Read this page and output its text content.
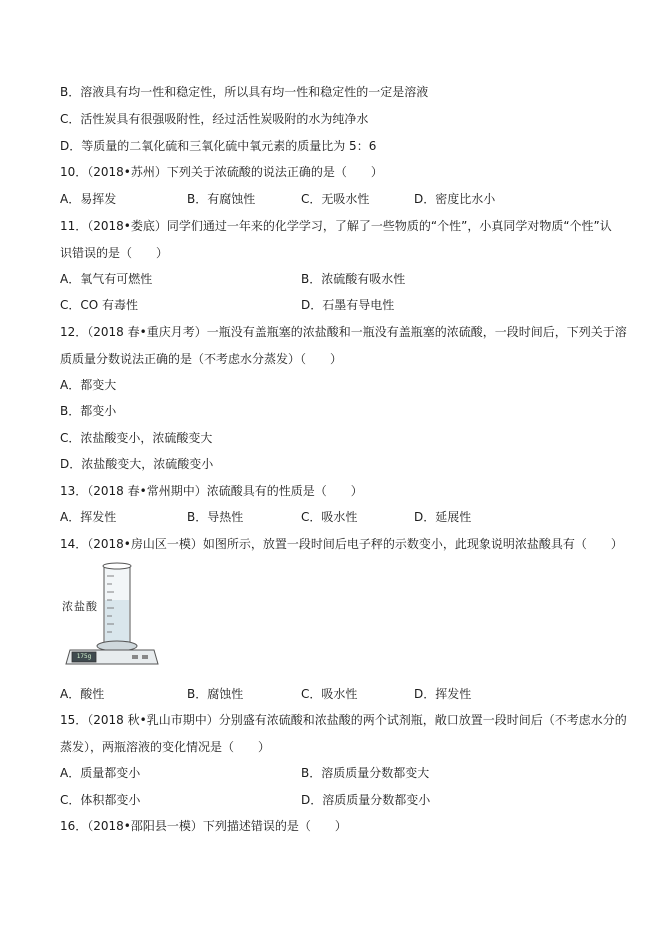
B．溶液具有均一性和稳定性，所以具有均一性和稳定性的一定是溶液
C．活性炭具有很强吸附性，经过活性炭吸附的水为纯净水
D．等质量的二氧化硫和三氧化硫中氧元素的质量比为 5：6
10．（2018•苏州）下列关于浓硫酸的说法正确的是（　　）
A．易挥发	B．有腐蚀性	C．无吸水性	D．密度比水小
11．（2018•娄底）同学们通过一年来的化学学习，了解了一些物质的“个性”，小真同学对物质“个性”认
识错误的是（　　）
A．氧气有可燃性	B．浓硫酸有吸水性
C．CO 有毒性	D．石墨有导电性
12．（2018 春•重庆月考）一瓶没有盖瓶塞的浓盐酸和一瓶没有盖瓶塞的浓硫酸，一段时间后，下列关于溶
质质量分数说法正确的是（不考虑水分蒸发）（　　）
A．都变大
B．都变小
C．浓盐酸变小，浓硫酸变大
D．浓盐酸变大，浓硫酸变小
13．（2018 春•常州期中）浓硫酸具有的性质是（　　）
A．挥发性	B．导热性	C．吸水性	D．延展性
14．（2018•房山区一模）如图所示，放置一段时间后电子秤的示数变小，此现象说明浓盐酸具有（　　）
浓盐酸
175g
A．酸性	B．腐蚀性	C．吸水性	D．挥发性
15．（2018 秋•乳山市期中）分别盛有浓硫酸和浓盐酸的两个试剂瓶，敞口放置一段时间后（不考虑水分的
蒸发），两瓶溶液的变化情况是（　　）
A．质量都变小	B．溶质质量分数都变大
C．体积都变小	D．溶质质量分数都变小
16．（2018•邵阳县一模）下列描述错误的是（　　）
